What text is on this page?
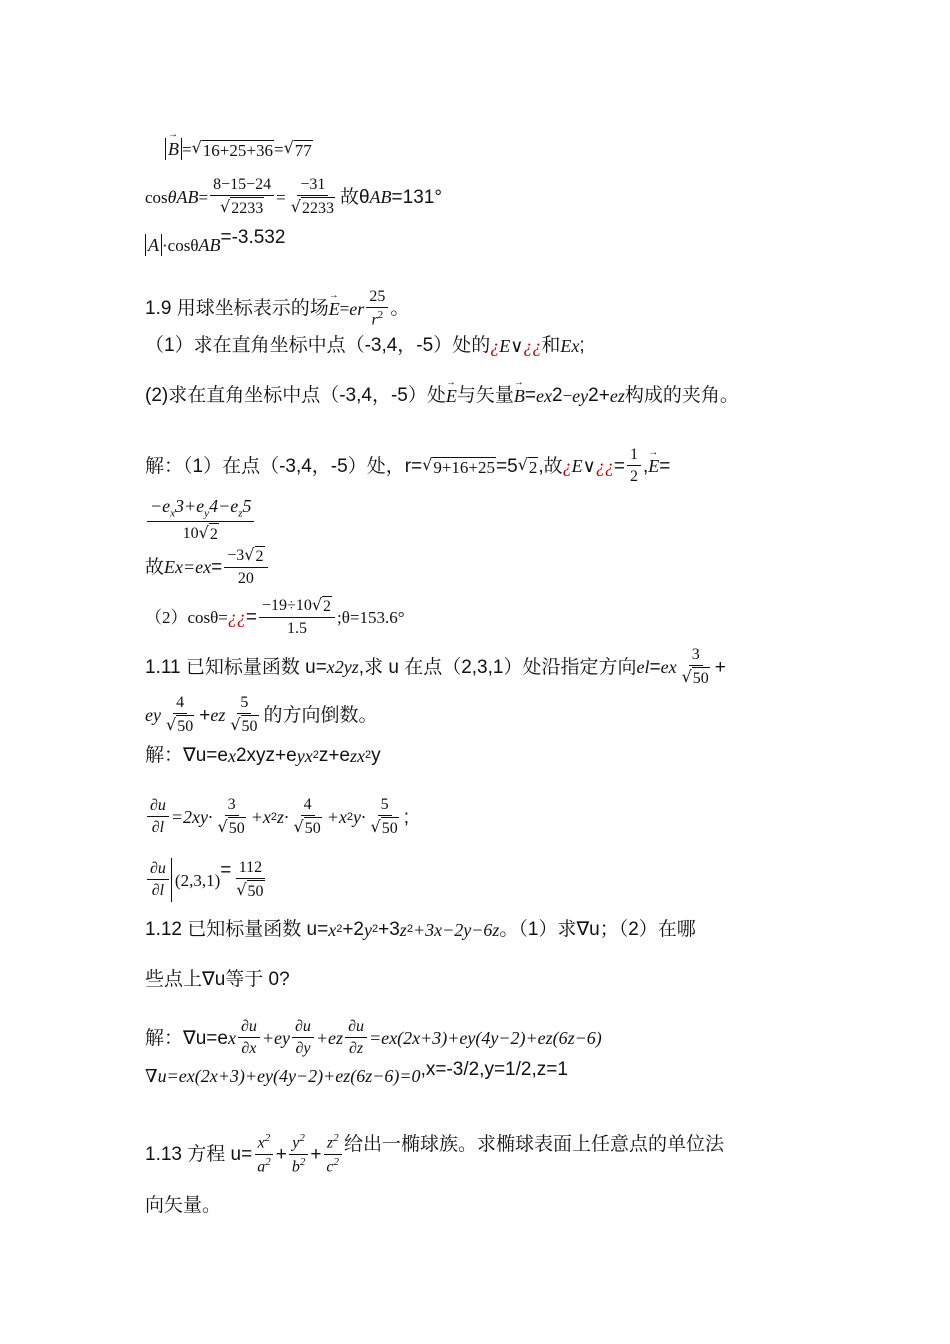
→ B = √ 16+25+36 = √ 77
cos θ AB = $\frac{8-15-24}{√ 2233} = \frac{-31}{√ 2233}$ 故θ AB =131°
A ·cosθ AB =-3.532
1.9 用球坐标表示的场 → E = e r $\frac{25}{r^2}$ 。
（1）求在直角坐标中点（-3,4，-5）处的 ¿ E ∨ ¿¿ 和 E x ;
(2)求在直角坐标中点（-3,4，-5）处 → E 与矢量 → B = e x 2 − e y 2+ e z 构成的夹角。
解：（1）在点（-3,4，-5）处，r= √ 9+16+25 =5 √ 2 ,故 ¿ E ∨ ¿¿ = $\frac{1}{2}$ , → E =
$\frac{-e_x3+e_y4-e_z5}{10 √ 2}$
故 E x =e $x = \frac{-3 √ 2}{20}$
（2）cosθ= ¿¿ = $\frac{-19\div 10 √ 2}{1.5}$ ;θ=153.6°
1.11 已知标量函数 u= x 2 yz ,求 u 在点（2,3,1）处沿指定方向 e l = e x $\frac{3}{√ 50}$ +
e y $\frac{4}{√ 50} + e$ z $\frac{5}{√ 50}$ 的方向倒数。
解：∇u=e x 2xyz+e y x 2 z+e z x 2 y
$\frac{\partial u}{\partial l} =2xy\cdot \frac{3}{√ 50} +x$ 2 $z\cdot \frac{4}{√ 50} +x$ 2 $y\cdot \frac{5}{√ 50}$ ;
$\frac{\partial u}{\partial l} (2,3,1) = \frac{112}{√ 50}$
1.12 已知标量函数 u= x 2 +2 y 2 +3 z 2 +3x−2y−6z 。（1）求∇u；（2）在哪
些点上∇u等于 0?
解：∇u=e x $\frac{\partial u}{\partial x} +e$ y $\frac{\partial u}{\partial y} +e$ z $\frac{\partial u}{\partial z} =e$ x (2x+3)+e y (4y−2)+e z (6z−6)
∇u=e x (2x+3)+e y (4y−2)+e z (6z−6)=0 ,x=-3/2,y=1/2,z=1
1.13 方程 $u= \frac{x^2}{a^2} + \frac{y^2}{b^2} + \frac{z^2}{c^2}$ 给出一椭球族。求椭球表面上任意点的单位法
向矢量。
